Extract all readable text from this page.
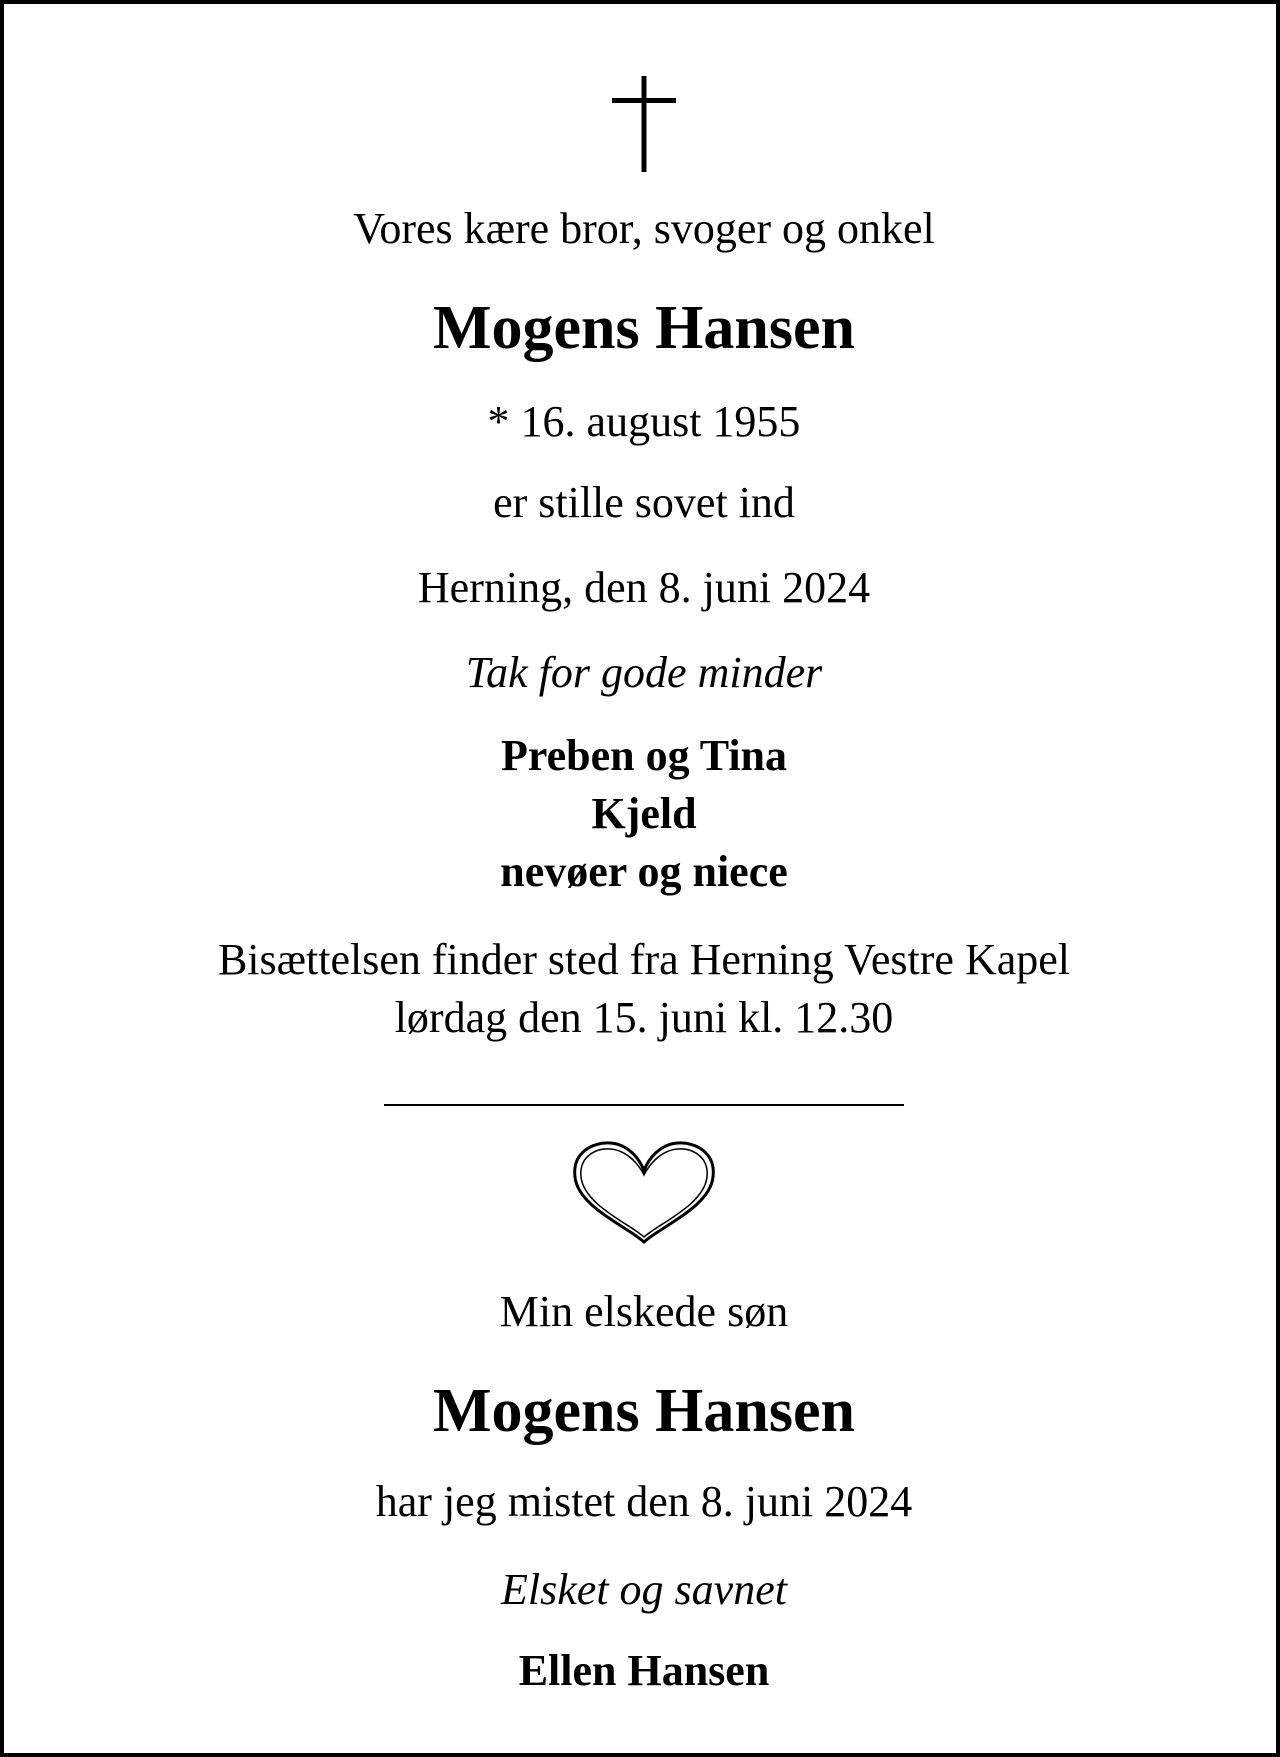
Vores kære bror, svoger og onkel
Mogens Hansen
* 16. august 1955
er stille sovet ind
Herning, den 8. juni 2024
Tak for gode minder
Preben og Tina
Kjeld
nevøer og niece
Bisættelsen finder sted fra Herning Vestre Kapel
lørdag den 15. juni kl. 12.30
Min elskede søn
Mogens Hansen
har jeg mistet den 8. juni 2024
Elsket og savnet
Ellen Hansen
